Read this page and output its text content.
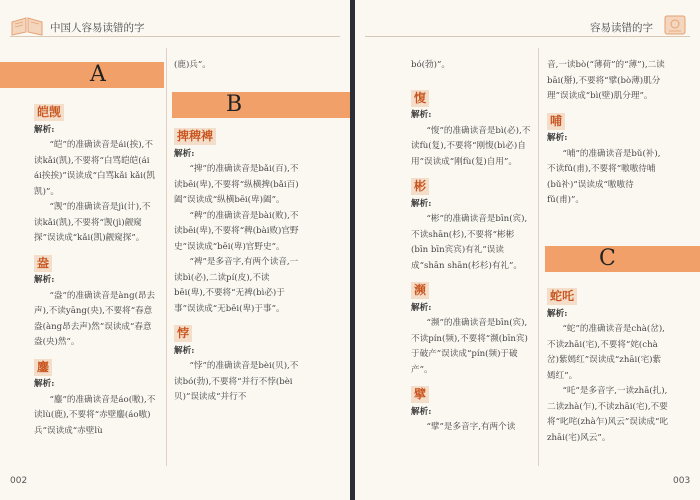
中国人容易读错的字
A
B
皑觊

解析:

“皑”的准确读音是ái(挨),不读kǎi(凯),不要将“白骂皑皑(ái ái挨挨)”误读成“白骂kǎi kǎi(凯凯)”。

“觊”的准确读音是jì(计),不读kǎi(凯),不要将“觊(jì)觎窥探”误读成“kǎi(凯)觎窥探”。

盎

解析:

“盎”的准确读音是àng(昂去声),不读yāng(央),不要将“春意盎(àng昂去声)然”误读成“春意盎(央)然”。

鏖

解析:

“鏖”的准确读音是áo(嗷),不读lù(鹿),不要将“赤壁鏖(áo嗷)兵”误读成“赤壁lù

(鹿)兵”。

捭稗裨

解析:

“捭”的准确读音是bǎi(百),不读bēi(卑),不要将“纵横捭(bǎi百)阖”误读成“纵横bēi(卑)阖”。

“稗”的准确读音是bài(败),不读bēi(卑),不要将“稗(bài败)官野史”误读成“bēi(卑)官野史”。

“裨”是多音字,有两个读音,一读bì(必),二读pí(皮),不读bēi(卑),不要将“无裨(bì必)于事”误读成“无bēi(卑)于事”。

悖

解析:

“悖”的准确读音是bèi(贝),不读bó(勃),不要将“并行不悖(bèi贝)”误读成“并行不

002
容易读错的字
C

bó(勃)”。

愎

解析:

“愎”的准确读音是bì(必),不读fù(复),不要将“刚愎(bì必)自用”误读成“刚fù(复)自用”。

彬

解析:

“彬”的准确读音是bīn(宾),不读shān(杉),不要将“彬彬(bīn bīn宾宾)有礼”误读成“shān shān(杉杉)有礼”。

濒

解析:

“濒”的准确读音是bīn(宾),不读pín(频),不要将“濒(bīn宾)于破产”误读成“pín(频)于破产”。

擘

解析:

“擘”是多音字,有两个读

音,一读bò(“薄荷”的“薄”),二读bāi(掰),不要将“擘(bò薄)肌分理”误读成“bì(壁)肌分理”。

哺

解析:

“哺”的准确读音是bǔ(补),不读fǔ(甫),不要将“嗷嗷待哺(bǔ补)”误读成“嗷嗷待fǔ(甫)”。

蛇吒

解析:

“蛇”的准确读音是chà(岔),不读zhāi(宅),不要将“姹(chà岔)紫嫣红”误读成“zhāi(宅)紫嫣红”。

“吒”是多音字,一读zhā(扎),二读zhà(乍),不读zhāi(宅),不要将“叱咤(zhà乍)风云”误读成“叱zhāi(宅)风云”。

003
